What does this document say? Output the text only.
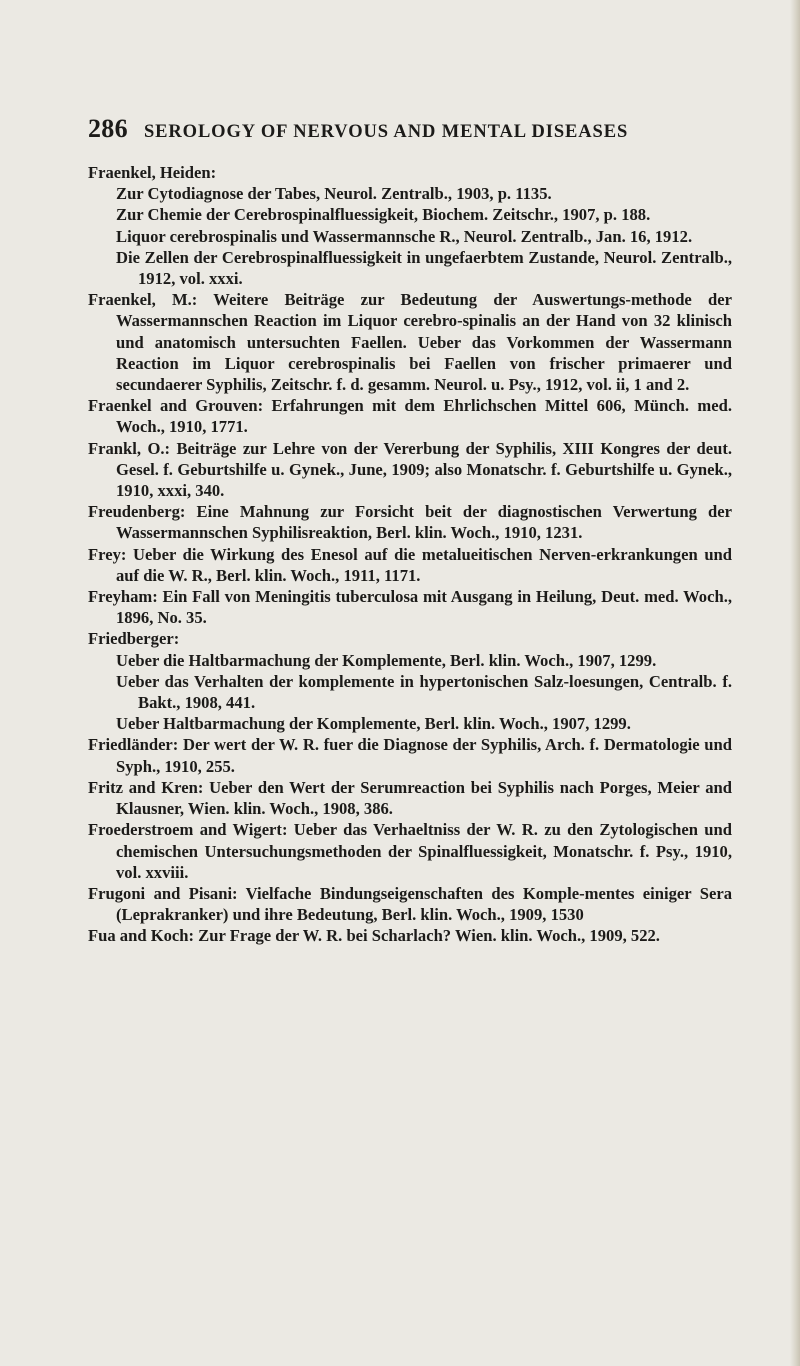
286 SEROLOGY OF NERVOUS AND MENTAL DISEASES

Fraenkel, Heiden:

Zur Cytodiagnose der Tabes, Neurol. Zentralb., 1903, p. 1135.

Zur Chemie der Cerebrospinalfluessigkeit, Biochem. Zeitschr., 1907, p. 188.

Liquor cerebrospinalis und Wassermannsche R., Neurol. Zentralb., Jan. 16, 1912.

Die Zellen der Cerebrospinalfluessigkeit in ungefaerbtem Zustande, Neurol. Zentralb., 1912, vol. xxxi.

Fraenkel, M.: Weitere Beiträge zur Bedeutung der Auswertungs-methode der Wassermannschen Reaction im Liquor cerebro-spinalis an der Hand von 32 klinisch und anatomisch untersuchten Faellen. Ueber das Vorkommen der Wassermann Reaction im Liquor cerebrospinalis bei Faellen von frischer primaerer und secundaerer Syphilis, Zeitschr. f. d. gesamm. Neurol. u. Psy., 1912, vol. ii, 1 and 2.

Fraenkel and Grouven: Erfahrungen mit dem Ehrlichschen Mittel 606, Münch. med. Woch., 1910, 1771.

Frankl, O.: Beiträge zur Lehre von der Vererbung der Syphilis, XIII Kongres der deut. Gesel. f. Geburtshilfe u. Gynek., June, 1909; also Monatschr. f. Geburtshilfe u. Gynek., 1910, xxxi, 340.

Freudenberg: Eine Mahnung zur Forsicht beit der diagnostischen Verwertung der Wassermannschen Syphilisreaktion, Berl. klin. Woch., 1910, 1231.

Frey: Ueber die Wirkung des Enesol auf die metalueitischen Nerven-erkrankungen und auf die W. R., Berl. klin. Woch., 1911, 1171.

Freyham: Ein Fall von Meningitis tuberculosa mit Ausgang in Heilung, Deut. med. Woch., 1896, No. 35.

Friedberger:

Ueber die Haltbarmachung der Komplemente, Berl. klin. Woch., 1907, 1299.

Ueber das Verhalten der komplemente in hypertonischen Salz-loesungen, Centralb. f. Bakt., 1908, 441.

Ueber Haltbarmachung der Komplemente, Berl. klin. Woch., 1907, 1299.

Friedländer: Der wert der W. R. fuer die Diagnose der Syphilis, Arch. f. Dermatologie und Syph., 1910, 255.

Fritz and Kren: Ueber den Wert der Serumreaction bei Syphilis nach Porges, Meier and Klausner, Wien. klin. Woch., 1908, 386.

Froederstroem and Wigert: Ueber das Verhaeltniss der W. R. zu den Zytologischen und chemischen Untersuchungsmethoden der Spinalfluessigkeit, Monatschr. f. Psy., 1910, vol. xxviii.

Frugoni and Pisani: Vielfache Bindungseigenschaften des Komple-mentes einiger Sera (Leprakranker) und ihre Bedeutung, Berl. klin. Woch., 1909, 1530

Fua and Koch: Zur Frage der W. R. bei Scharlach? Wien. klin. Woch., 1909, 522.
